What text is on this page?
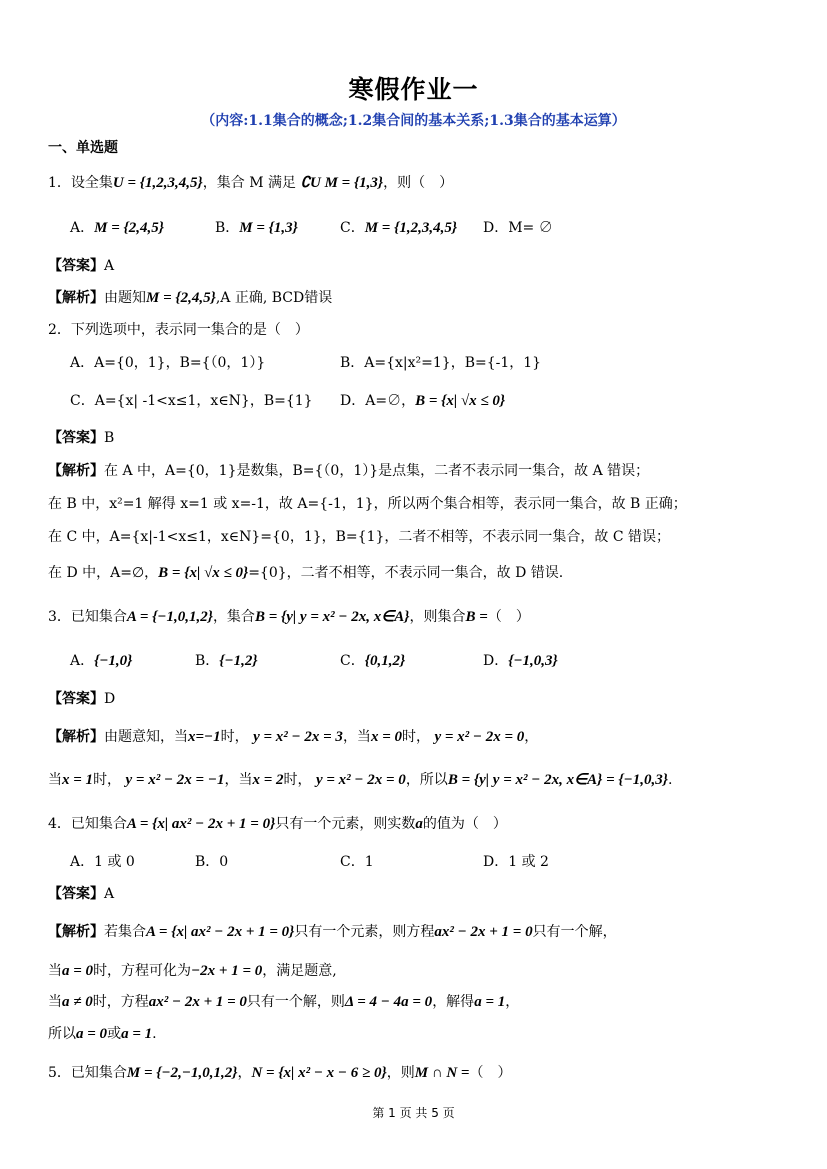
寒假作业一
（内容:1.1集合的概念;1.2集合间的基本关系;1.3集合的基本运算）
一、单选题
1．设全集U = {1,2,3,4,5}，集合 M 满足 ∁U M = {1,3}，则（　）
A．M = {2,4,5}	B．M = {1,3}	C．M = {1,2,3,4,5} D．M= ∅
【答案】A
【解析】由题知M = {2,4,5},A 正确, BCD错误
2．下列选项中，表示同一集合的是（　）
A．A={0，1}，B={（0，1）}	B．A={x|x²=1}，B={-1，1}
C．A={x| -1<x≤1，x∈N}，B={1} D．A=∅，B = {x| √x ≤ 0}
【答案】B
【解析】在 A 中，A={0，1}是数集，B={（0，1）}是点集，二者不表示同一集合，故 A 错误；
在 B 中，x²=1 解得 x=1 或 x=-1，故 A={-1，1}，所以两个集合相等，表示同一集合，故 B 正确；
在 C 中，A={x|-1<x≤1，x∈N}={0，1}，B={1}，二者不相等，不表示同一集合，故 C 错误；
在 D 中，A=∅，B = {x| √x ≤ 0}={0}，二者不相等，不表示同一集合，故 D 错误.
3．已知集合A = {−1,0,1,2}，集合B = {y| y = x² − 2x, x∈A}，则集合B =（　）
A．{−1,0}	B．{−1,2}	C．{0,1,2}	D．{−1,0,3}
【答案】D
【解析】由题意知，当x=−1时， y = x² − 2x = 3，当x = 0时， y = x² − 2x = 0，
当x = 1时， y = x² − 2x = −1，当x = 2时， y = x² − 2x = 0，所以B = {y| y = x² − 2x, x∈A} = {−1,0,3}.
4．已知集合A = {x| ax² − 2x + 1 = 0}只有一个元素，则实数a的值为（　）
A．1 或 0	B．0	C．1	D．1 或 2
【答案】A
【解析】若集合A = {x| ax² − 2x + 1 = 0}只有一个元素，则方程ax² − 2x + 1 = 0只有一个解，
当a = 0时，方程可化为−2x + 1 = 0，满足题意,
当a ≠ 0时，方程ax² − 2x + 1 = 0只有一个解，则Δ = 4 − 4a = 0，解得a = 1，
所以a = 0或a = 1.
5．已知集合M = {−2,−1,0,1,2}，N = {x| x² − x − 6 ≥ 0}，则M ∩ N =（　）
第 1 页 共 5 页
